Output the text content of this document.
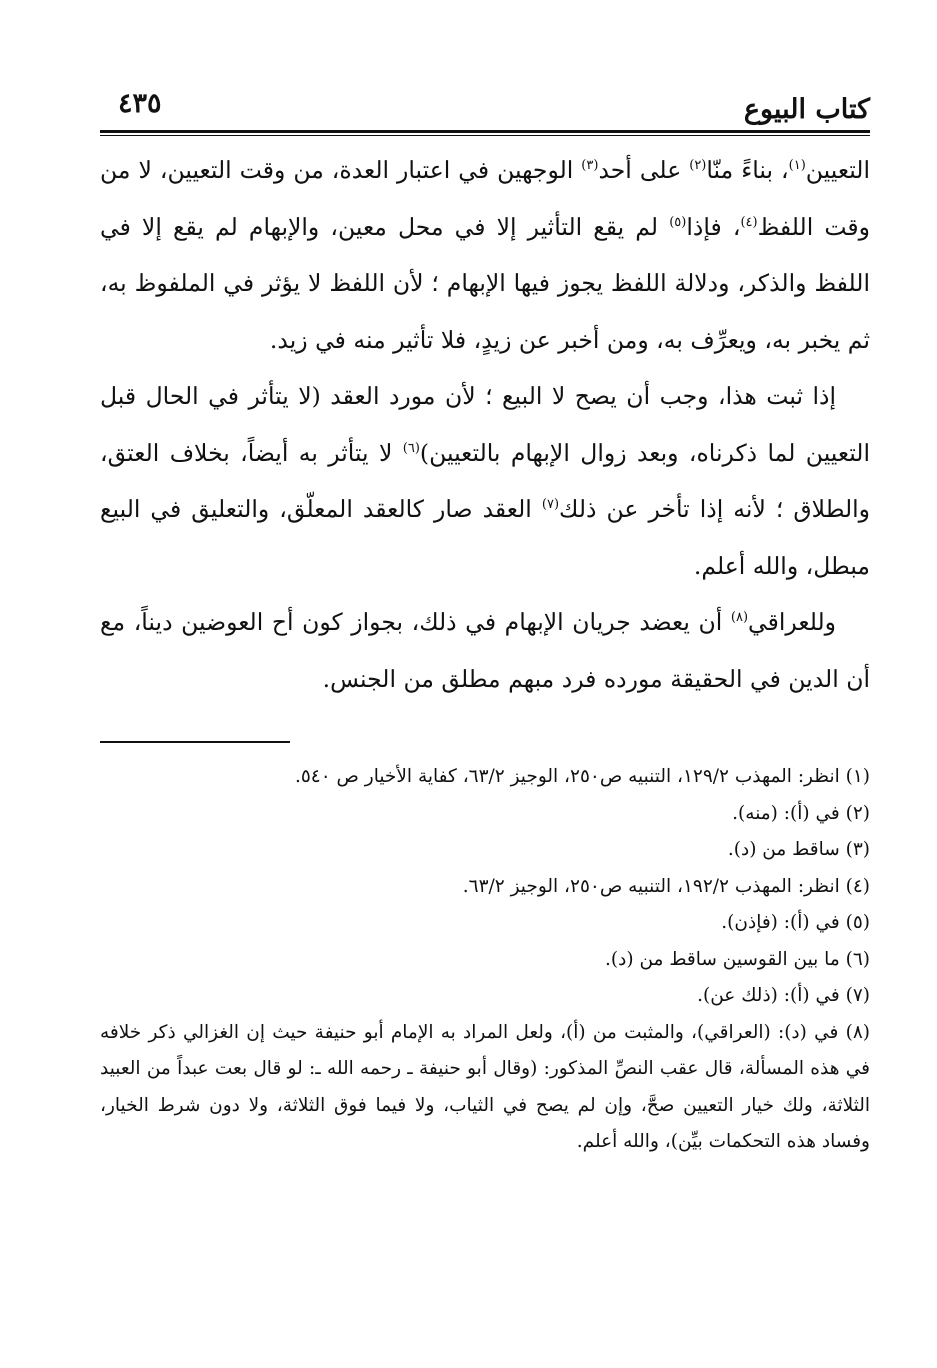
كتاب البيوع
٤٣٥

التعيين$^{(١)}$، بناءً منّا$^{(٢)}$ على أحد$^{(٣)}$ الوجهين في اعتبار العدة، من وقت التعيين، لا من وقت اللفظ$^{(٤)}$، فإذا$^{(٥)}$ لم يقع التأثير إلا في محل معين، والإبهام لم يقع إلا في اللفظ والذكر، ودلالة اللفظ يجوز فيها الإبهام ؛ لأن اللفظ لا يؤثر في الملفوظ به، ثم يخبر به، ويعرِّف به، ومن أخبر عن زيدٍ، فلا تأثير منه في زيد.

إذا ثبت هذا، وجب أن يصح لا البيع ؛ لأن مورد العقد (لا يتأثر في الحال قبل التعيين لما ذكرناه، وبعد زوال الإبهام بالتعيين)$^{(٦)}$ لا يتأثر به أيضاً، بخلاف العتق، والطلاق ؛ لأنه إذا تأخر عن ذلك$^{(٧)}$ العقد صار كالعقد المعلّق، والتعليق في البيع مبطل، والله أعلم.

وللعراقي$^{(٨)}$ أن يعضد جريان الإبهام في ذلك، بجواز كون أح العوضين ديناً، مع أن الدين في الحقيقة مورده فرد مبهم مطلق من الجنس.

(١) انظر: المهذب ١٢٩/٢، التنبيه ص٢٥٠، الوجيز ٦٣/٢، كفاية الأخيار ص ٥٤٠.
(٢) في (أ): (منه).
(٣) ساقط من (د).
(٤) انظر: المهذب ١٩٢/٢، التنبيه ص٢٥٠، الوجيز ٦٣/٢.
(٥) في (أ): (فإذن).
(٦) ما بين القوسين ساقط من (د).
(٧) في (أ): (ذلك عن).
(٨) في (د): (العراقي)، والمثبت من (أ)، ولعل المراد به الإمام أبو حنيفة حيث إن الغزالي ذكر خلافه في هذه المسألة، قال عقب النصِّ المذكور: (وقال أبو حنيفة ـ رحمه الله ـ: لو قال بعت عبداً من العبيد الثلاثة، ولك خيار التعيين صحَّ، وإن لم يصح في الثياب، ولا فيما فوق الثلاثة، ولا دون شرط الخيار، وفساد هذه التحكمات بيِّن)، والله أعلم.
